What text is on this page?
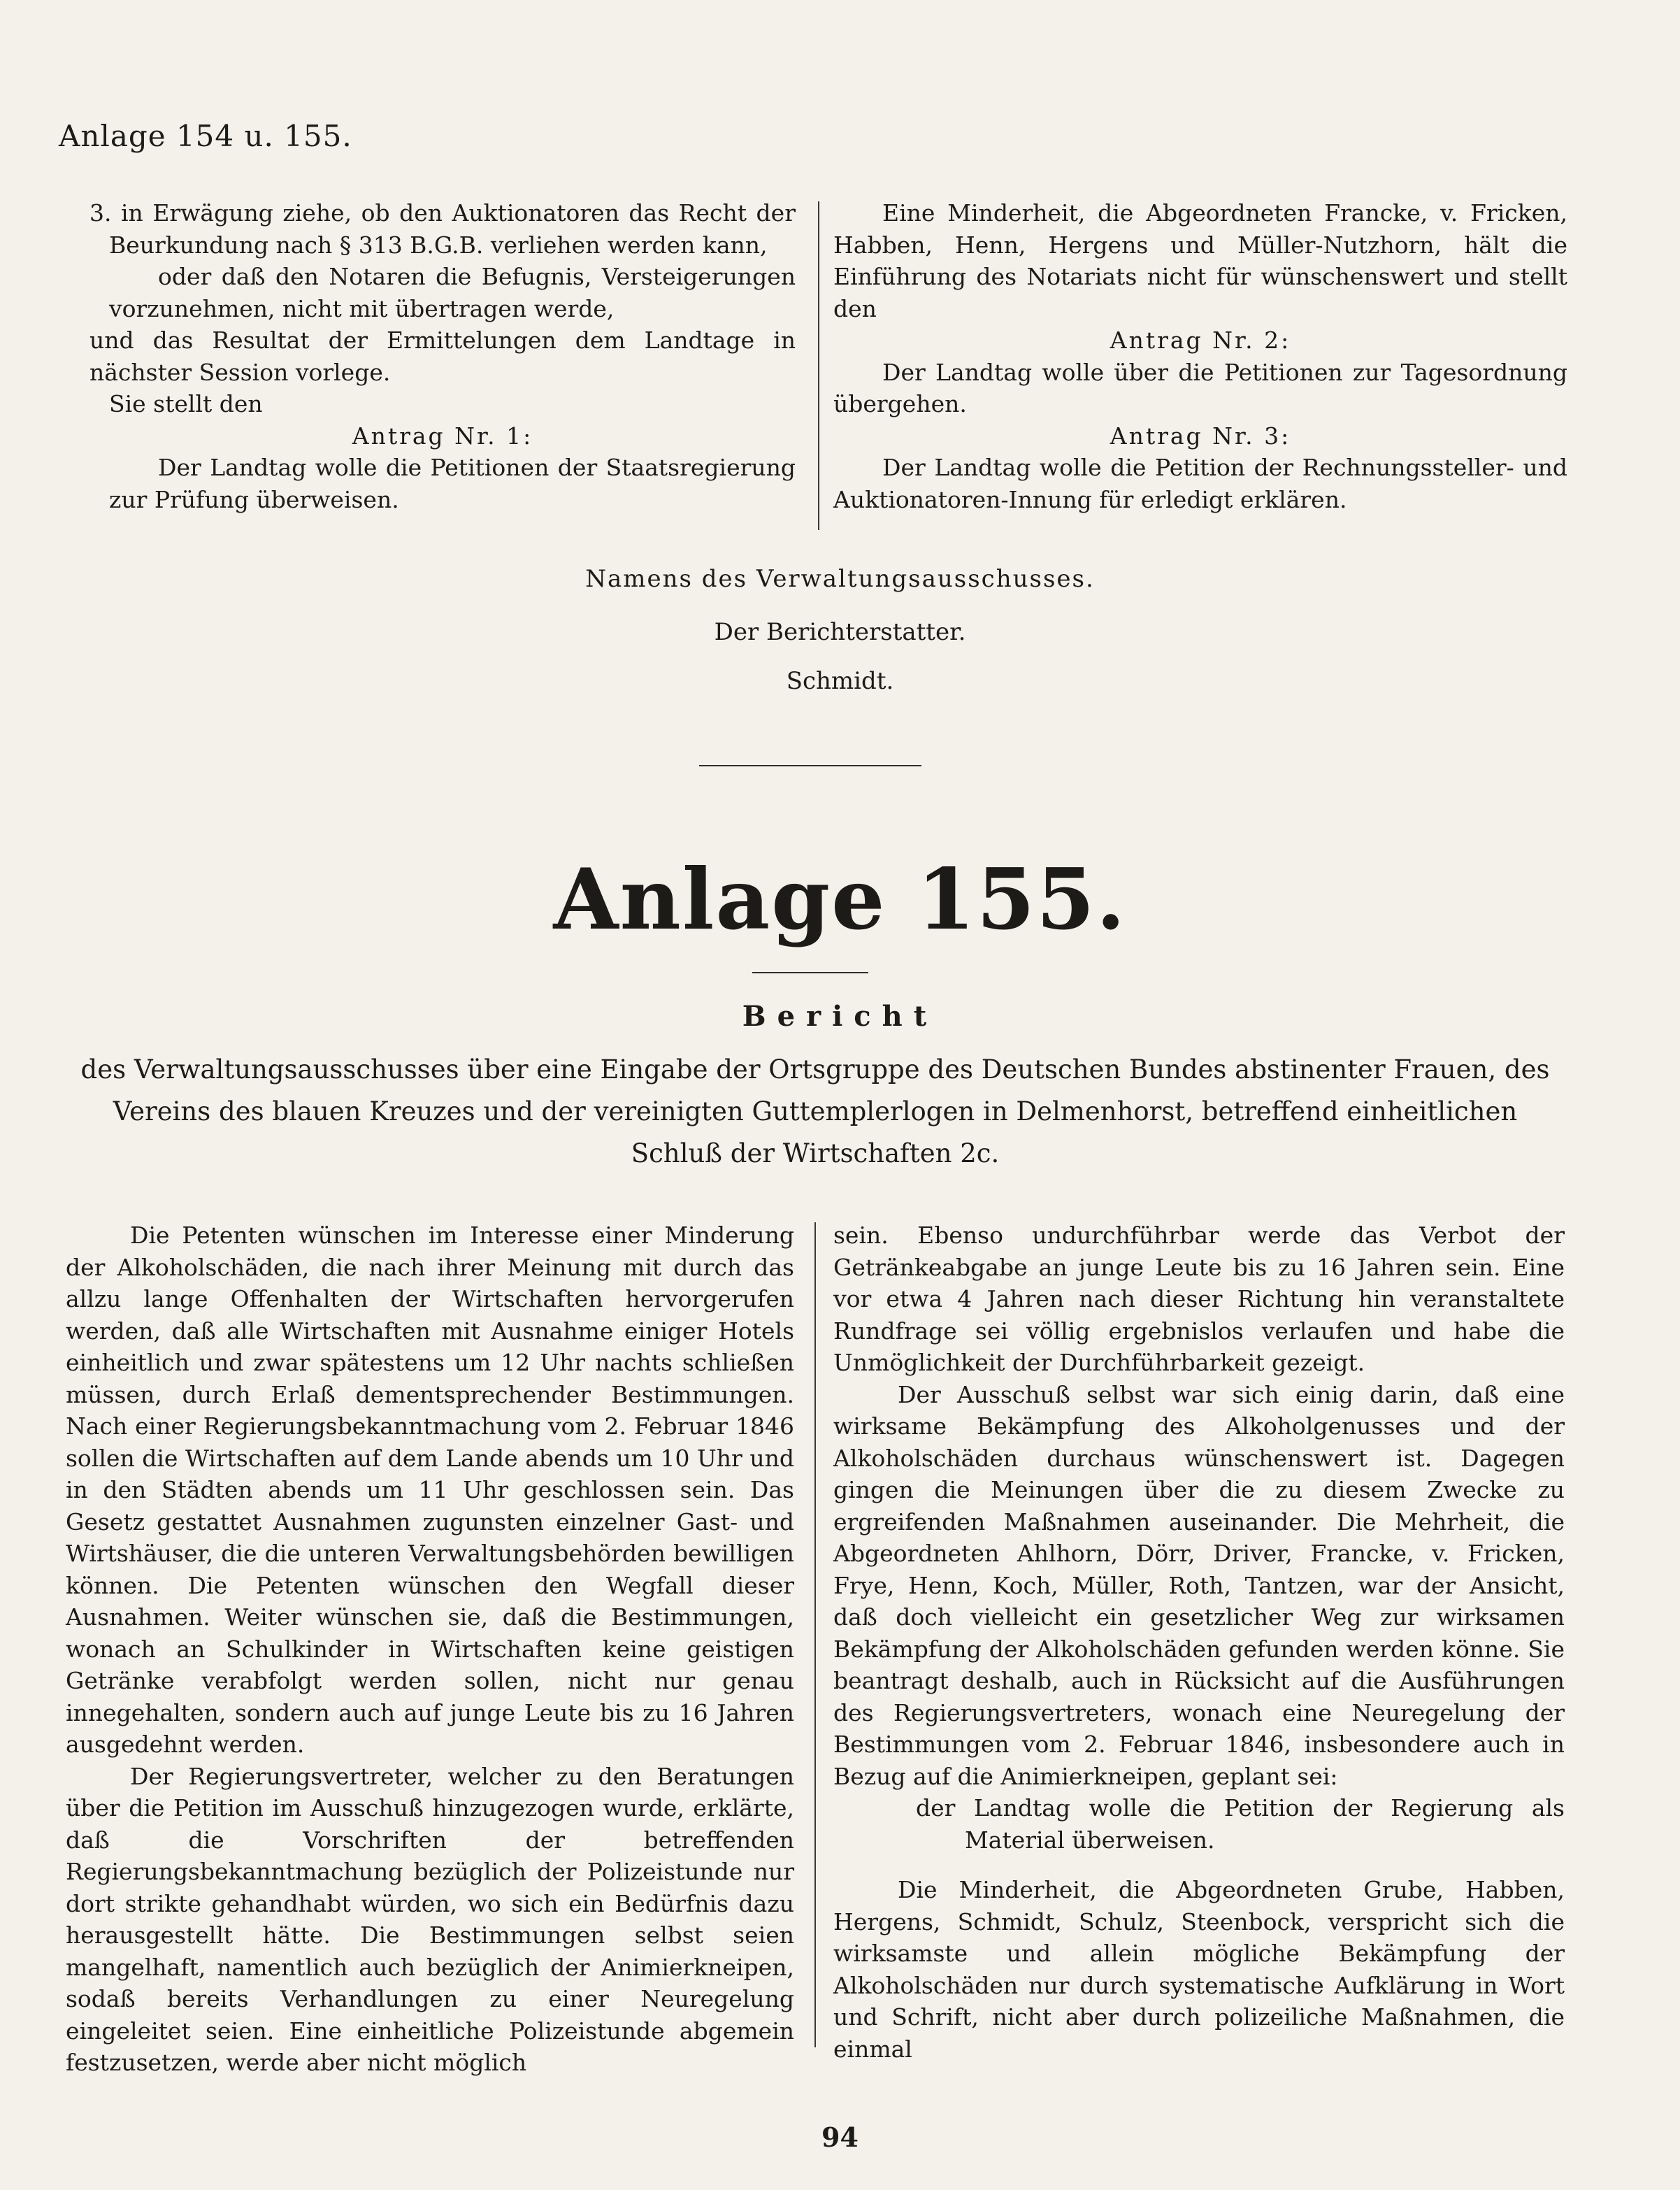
Anlage 154 u. 155.

3. in Erwägung ziehe, ob den Auktionatoren das Recht der Beurkundung nach § 313 B.G.B. verliehen werden kann,

oder daß den Notaren die Befugnis, Versteigerungen vorzunehmen, nicht mit übertragen werde,

und das Resultat der Ermittelungen dem Landtage in nächster Session vorlege.

Sie stellt den

Antrag Nr. 1:

Der Landtag wolle die Petitionen der Staatsregierung zur Prüfung überweisen.

Eine Minderheit, die Abgeordneten Francke, v. Fricken, Habben, Henn, Hergens und Müller-Nutzhorn, hält die Einführung des Notariats nicht für wünschenswert und stellt den

Antrag Nr. 2:

Der Landtag wolle über die Petitionen zur Tagesordnung übergehen.

Antrag Nr. 3:

Der Landtag wolle die Petition der Rechnungssteller- und Auktionatoren-Innung für erledigt erklären.

Namens des Verwaltungsausschusses.
Der Berichterstatter.
Schmidt.
Anlage 155.
Bericht
des Verwaltungsausschusses über eine Eingabe der Ortsgruppe des Deutschen Bundes abstinenter Frauen, des Vereins des blauen Kreuzes und der vereinigten Guttemplerlogen in Delmenhorst, betreffend einheitlichen Schluß der Wirtschaften 2c.

Die Petenten wünschen im Interesse einer Minderung der Alkoholschäden, die nach ihrer Meinung mit durch das allzu lange Offenhalten der Wirtschaften hervorgerufen werden, daß alle Wirtschaften mit Ausnahme einiger Hotels einheitlich und zwar spätestens um 12 Uhr nachts schließen müssen, durch Erlaß dementsprechender Bestimmungen. Nach einer Regierungsbekanntmachung vom 2. Februar 1846 sollen die Wirtschaften auf dem Lande abends um 10 Uhr und in den Städten abends um 11 Uhr geschlossen sein. Das Gesetz gestattet Ausnahmen zugunsten einzelner Gast- und Wirtshäuser, die die unteren Verwaltungsbehörden bewilligen können. Die Petenten wünschen den Wegfall dieser Ausnahmen. Weiter wünschen sie, daß die Bestimmungen, wonach an Schulkinder in Wirtschaften keine geistigen Getränke verabfolgt werden sollen, nicht nur genau innegehalten, sondern auch auf junge Leute bis zu 16 Jahren ausgedehnt werden.

Der Regierungsvertreter, welcher zu den Beratungen über die Petition im Ausschuß hinzugezogen wurde, erklärte, daß die Vorschriften der betreffenden Regierungsbekanntmachung bezüglich der Polizeistunde nur dort strikte gehandhabt würden, wo sich ein Bedürfnis dazu herausgestellt hätte. Die Bestimmungen selbst seien mangelhaft, namentlich auch bezüglich der Animierkneipen, sodaß bereits Verhandlungen zu einer Neuregelung eingeleitet seien. Eine einheitliche Polizeistunde abgemein festzusetzen, werde aber nicht möglich

sein. Ebenso undurchführbar werde das Verbot der Getränkeabgabe an junge Leute bis zu 16 Jahren sein. Eine vor etwa 4 Jahren nach dieser Richtung hin veranstaltete Rundfrage sei völlig ergebnislos verlaufen und habe die Unmöglichkeit der Durchführbarkeit gezeigt.

Der Ausschuß selbst war sich einig darin, daß eine wirksame Bekämpfung des Alkoholgenusses und der Alkoholschäden durchaus wünschenswert ist. Dagegen gingen die Meinungen über die zu diesem Zwecke zu ergreifenden Maßnahmen auseinander. Die Mehrheit, die Abgeordneten Ahlhorn, Dörr, Driver, Francke, v. Fricken, Frye, Henn, Koch, Müller, Roth, Tantzen, war der Ansicht, daß doch vielleicht ein gesetzlicher Weg zur wirksamen Bekämpfung der Alkoholschäden gefunden werden könne. Sie beantragt deshalb, auch in Rücksicht auf die Ausführungen des Regierungsvertreters, wonach eine Neuregelung der Bestimmungen vom 2. Februar 1846, insbesondere auch in Bezug auf die Animierkneipen, geplant sei:

der Landtag wolle die Petition der Regierung als Material überweisen.

Die Minderheit, die Abgeordneten Grube, Habben, Hergens, Schmidt, Schulz, Steenbock, verspricht sich die wirksamste und allein mögliche Bekämpfung der Alkoholschäden nur durch systematische Aufklärung in Wort und Schrift, nicht aber durch polizeiliche Maßnahmen, die einmal

94
